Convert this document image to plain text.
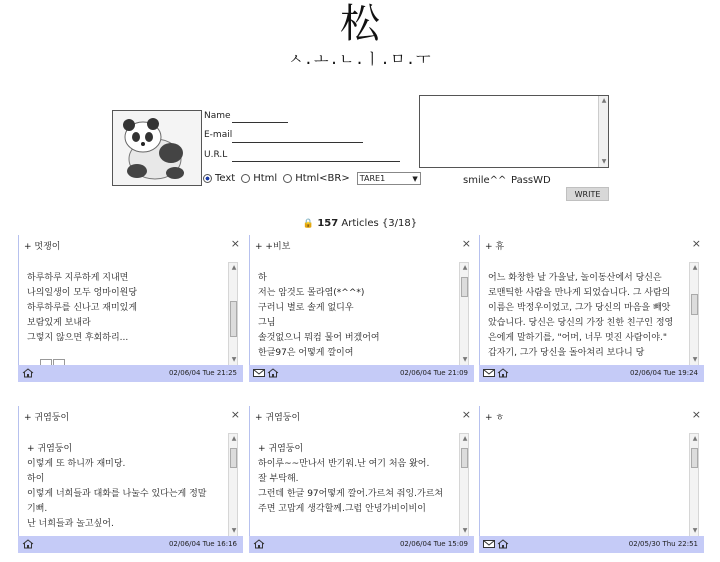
松
ㅅ.ㅗ.ㄴ.ㅣ.ㅁ.ㅜ
Name
E-mail
U.R.L
Text Html Html<BR> TARE1	▼
▲
▼
smile^^ PassWD
WRITE
🔒 157 Articles {3/18}
+ 멋쟁이	×
하루하루 지루하게 지내면
나의일생이 모두 엉마이원당
하루하루를 신나고 재미있게
보람있게 보내라
그렇지 않으면 후회하리...
▲
▼
02/06/04 Tue 21:25
+ +비보	×
하
저는 암것도 몰라염(*^^*)
구러니 별로 솔게 없디우
그님
솔것없으니 뭐컴 물어 버겠어여
한글97은 어떻게 깔이여
▲
▼
02/06/04 Tue 21:09
+ 휴	×
어느 화창한 날 가을날, 놀이동산에서 당신은
로맨틱한 사람을 만나게 되었습니다. 그 사람의
이름은 박정우이었고, 그가 당신의 마음을 빼앗
았습니다. 당신은 당신의 가장 친한 친구인 정영
은에게 말하기를, "어머, 너무 멋진 사람이야."
갑자기, 그가 당신을 돌아쳐리 보다니 당
▲
▼
02/06/04 Tue 19:24
+ 귀염둥이	×
+ 귀염둥이
이렇게 또 하니까 재미당.
하이
이렇게 너희들과 대화를 나눌수 있다는게 정말
기뻐.
난 너희들과 놀고싶어.
▲
▼
02/06/04 Tue 16:16
+ 귀염둥이	×
+ 귀염둥이
하이루~~만나서 반기워.난 여기 처음 왔어.
잘 부탁해.
그런데 한글 97어떻게 깔어.가르쳐 줘잉.가르쳐
주면 고맙게 생각할께.그럼 안녕가비이비이
▲
▼
02/06/04 Tue 15:09
+ ㅎ	×
▲
▼
02/05/30 Thu 22:51
